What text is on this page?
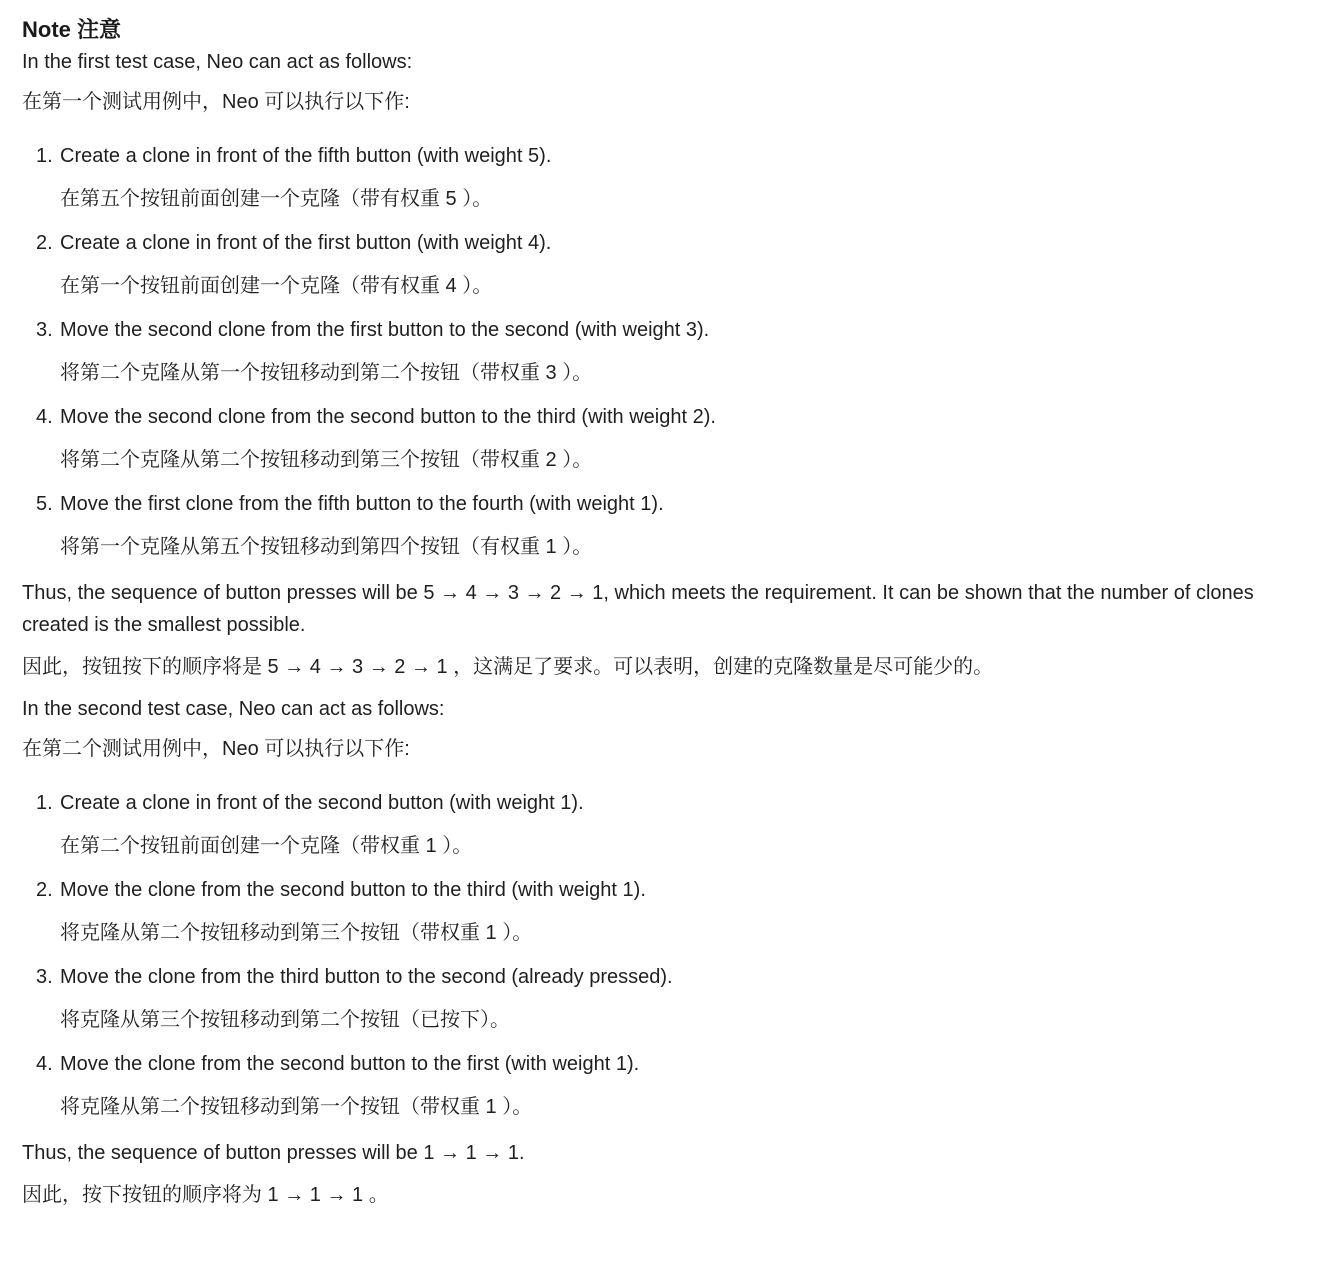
Note 注意
In the first test case, Neo can act as follows:
在第一个测试用例中，Neo 可以执行以下作:
1. Create a clone in front of the fifth button (with weight 5).
在第五个按钮前面创建一个克隆（带有权重 5 ）。
2. Create a clone in front of the first button (with weight 4).
在第一个按钮前面创建一个克隆（带有权重 4 ）。
3. Move the second clone from the first button to the second (with weight 3).
将第二个克隆从第一个按钮移动到第二个按钮（带权重 3 ）。
4. Move the second clone from the second button to the third (with weight 2).
将第二个克隆从第二个按钮移动到第三个按钮（带权重 2 ）。
5. Move the first clone from the fifth button to the fourth (with weight 1).
将第一个克隆从第五个按钮移动到第四个按钮（有权重 1 ）。
Thus, the sequence of button presses will be 5 → 4 → 3 → 2 → 1, which meets the requirement. It can be shown that the number of clones created is the smallest possible.
因此，按钮按下的顺序将是 5 → 4 → 3 → 2 → 1 ，这满足了要求。可以表明，创建的克隆数量是尽可能少的。
In the second test case, Neo can act as follows:
在第二个测试用例中，Neo 可以执行以下作:
1. Create a clone in front of the second button (with weight 1).
在第二个按钮前面创建一个克隆（带权重 1 ）。
2. Move the clone from the second button to the third (with weight 1).
将克隆从第二个按钮移动到第三个按钮（带权重 1 ）。
3. Move the clone from the third button to the second (already pressed).
将克隆从第三个按钮移动到第二个按钮（已按下）。
4. Move the clone from the second button to the first (with weight 1).
将克隆从第二个按钮移动到第一个按钮（带权重 1 ）。
Thus, the sequence of button presses will be 1 → 1 → 1.
因此，按下按钮的顺序将为 1 → 1 → 1 。
